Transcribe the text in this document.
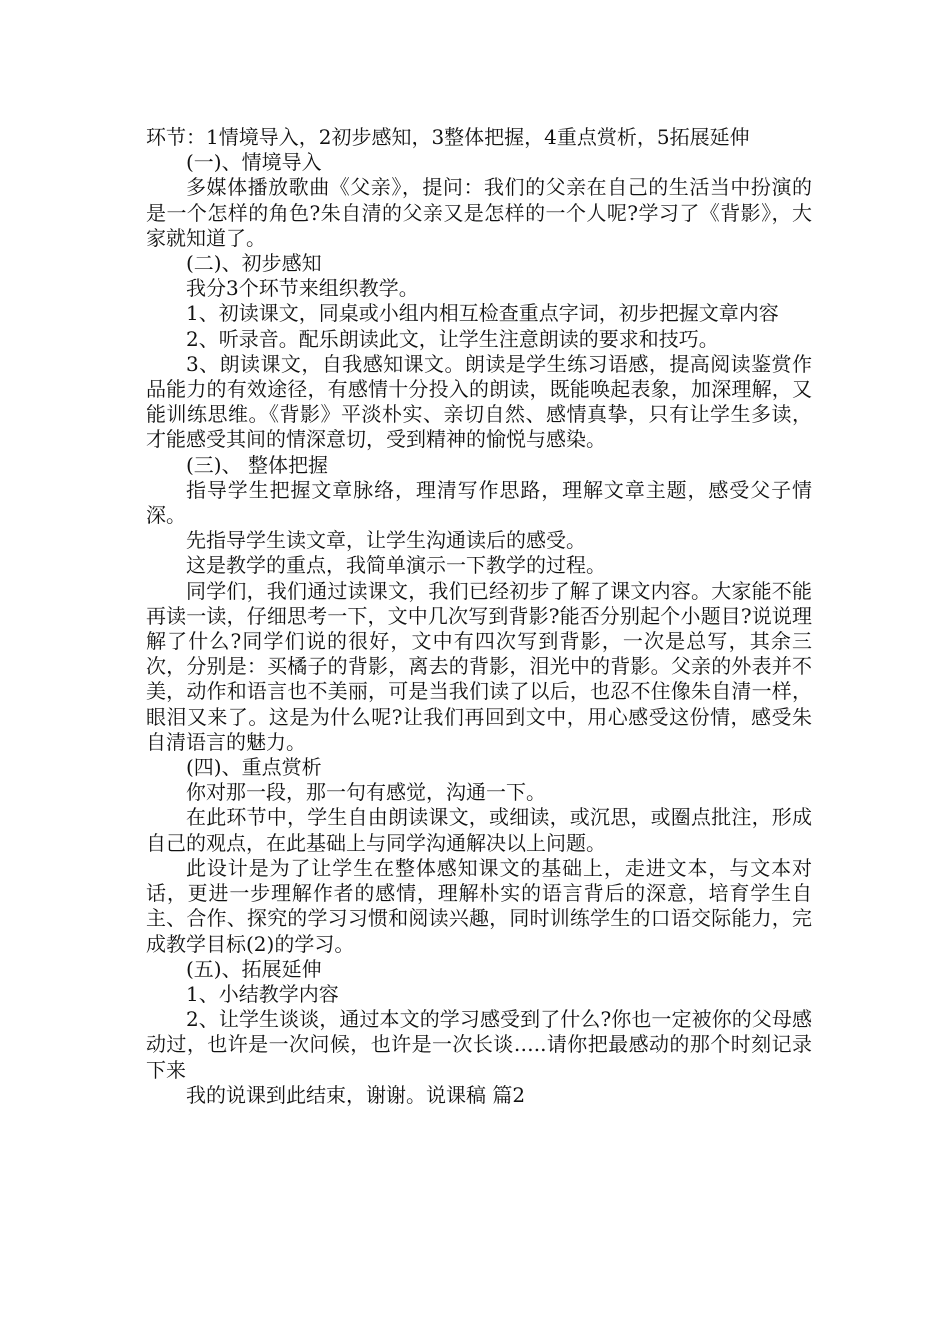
环节：1情境导入，2初步感知，3整体把握，4重点赏析，5拓展延伸

(一)、情境导入

多媒体播放歌曲《父亲》，提问：我们的父亲在自己的生活当中扮演的是一个怎样的角色?朱自清的父亲又是怎样的一个人呢?学习了《背影》，大家就知道了。

(二)、初步感知

我分3个环节来组织教学。

1、初读课文，同桌或小组内相互检查重点字词，初步把握文章内容

2、听录音。配乐朗读此文，让学生注意朗读的要求和技巧。

3、朗读课文，自我感知课文。朗读是学生练习语感，提高阅读鉴赏作品能力的有效途径，有感情十分投入的朗读，既能唤起表象，加深理解，又能训练思维。《背影》平淡朴实、亲切自然、感情真挚，只有让学生多读，才能感受其间的情深意切，受到精神的愉悦与感染。

(三)、 整体把握

指导学生把握文章脉络，理清写作思路，理解文章主题，感受父子情深。

先指导学生读文章，让学生沟通读后的感受。

这是教学的重点，我简单演示一下教学的过程。

同学们，我们通过读课文，我们已经初步了解了课文内容。大家能不能再读一读，仔细思考一下，文中几次写到背影?能否分别起个小题目?说说理解了什么?同学们说的很好，文中有四次写到背影，一次是总写，其余三次，分别是：买橘子的背影，离去的背影，泪光中的背影。父亲的外表并不美，动作和语言也不美丽，可是当我们读了以后，也忍不住像朱自清一样，眼泪又来了。这是为什么呢?让我们再回到文中，用心感受这份情，感受朱自清语言的魅力。

(四)、重点赏析

你对那一段，那一句有感觉，沟通一下。

在此环节中，学生自由朗读课文，或细读，或沉思，或圈点批注，形成自己的观点，在此基础上与同学沟通解决以上问题。

此设计是为了让学生在整体感知课文的基础上，走进文本，与文本对话，更进一步理解作者的感情，理解朴实的语言背后的深意，培育学生自主、合作、探究的学习习惯和阅读兴趣，同时训练学生的口语交际能力，完成教学目标(2)的学习。

(五)、拓展延伸

1、小结教学内容

2、让学生谈谈，通过本文的学习感受到了什么?你也一定被你的父母感动过，也许是一次问候，也许是一次长谈…..请你把最感动的那个时刻记录下来

我的说课到此结束，谢谢。说课稿 篇2
